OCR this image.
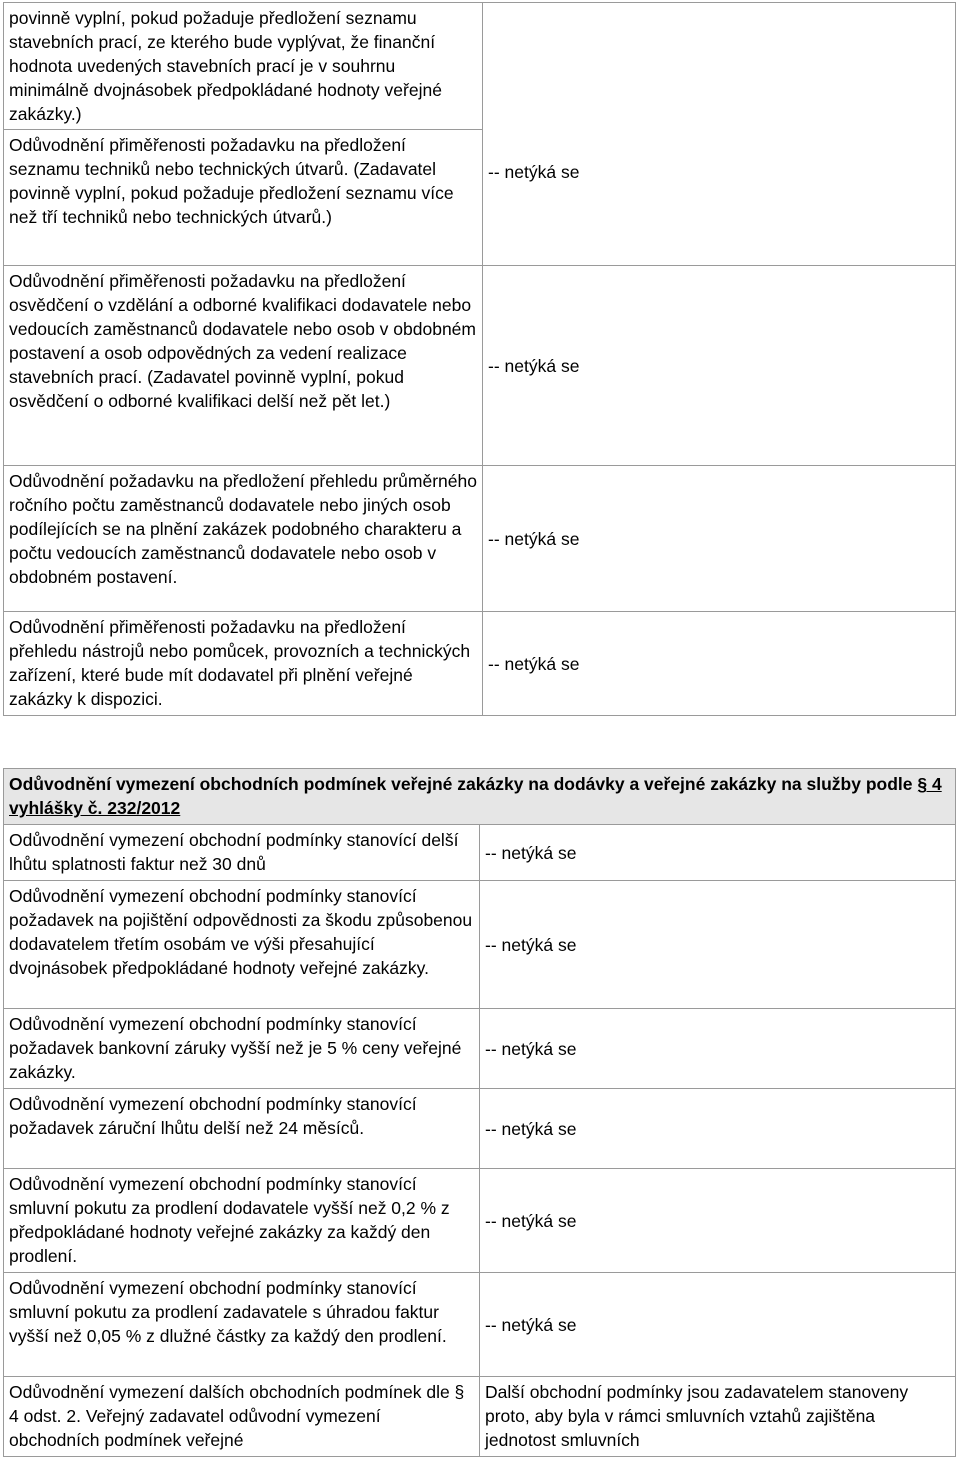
povinně vyplní, pokud požaduje předložení seznamu stavebních prací, ze kterého bude vyplývat, že finanční hodnota uvedených stavebních prací je v souhrnu minimálně dvojnásobek předpokládané hodnoty veřejné zakázky.)	-- netýká se
Odůvodnění přiměřenosti požadavku na předložení seznamu techniků nebo technických útvarů. (Zadavatel povinně vyplní, pokud požaduje předložení seznamu více než tří techniků nebo technických útvarů.)	
Odůvodnění přiměřenosti požadavku na předložení osvědčení o vzdělání a odborné kvalifikaci dodavatele nebo vedoucích zaměstnanců dodavatele nebo osob v obdobném postavení a osob odpovědných za vedení realizace stavebních prací. (Zadavatel povinně vyplní, pokud osvědčení o odborné kvalifikaci delší než pět let.)	-- netýká se
Odůvodnění požadavku na předložení přehledu průměrného ročního počtu zaměstnanců dodavatele nebo jiných osob podílejících se na plnění zakázek podobného charakteru a počtu vedoucích zaměstnanců dodavatele nebo osob v obdobném postavení.	-- netýká se
Odůvodnění přiměřenosti požadavku na předložení přehledu nástrojů nebo pomůcek, provozních a technických zařízení, které bude mít dodavatel při plnění veřejné zakázky k dispozici.	-- netýká se
Odůvodnění vymezení obchodních podmínek veřejné zakázky na dodávky a veřejné zakázky na služby podle § 4 vyhlášky č. 232/2012	
Odůvodnění vymezení obchodní podmínky stanovící delší lhůtu splatnosti faktur než 30 dnů	-- netýká se
Odůvodnění vymezení obchodní podmínky stanovící požadavek na pojištění odpovědnosti za škodu způsobenou dodavatelem třetím osobám ve výši přesahující dvojnásobek předpokládané hodnoty veřejné zakázky.	-- netýká se
Odůvodnění vymezení obchodní podmínky stanovící požadavek bankovní záruky vyšší než je 5 % ceny veřejné zakázky.	-- netýká se
Odůvodnění vymezení obchodní podmínky stanovící požadavek záruční lhůtu delší než 24 měsíců.	-- netýká se
Odůvodnění vymezení obchodní podmínky stanovící smluvní pokutu za prodlení dodavatele vyšší než 0,2 % z předpokládané hodnoty veřejné zakázky za každý den prodlení.	-- netýká se
Odůvodnění vymezení obchodní podmínky stanovící smluvní pokutu za prodlení zadavatele s úhradou faktur vyšší než 0,05 % z dlužné částky za každý den prodlení.	-- netýká se
Odůvodnění vymezení dalších obchodních podmínek dle § 4 odst. 2. Veřejný zadavatel odůvodní vymezení obchodních podmínek veřejné	Další obchodní podmínky jsou zadavatelem stanoveny proto, aby byla v rámci smluvních vztahů zajištěna jednotost smluvních
